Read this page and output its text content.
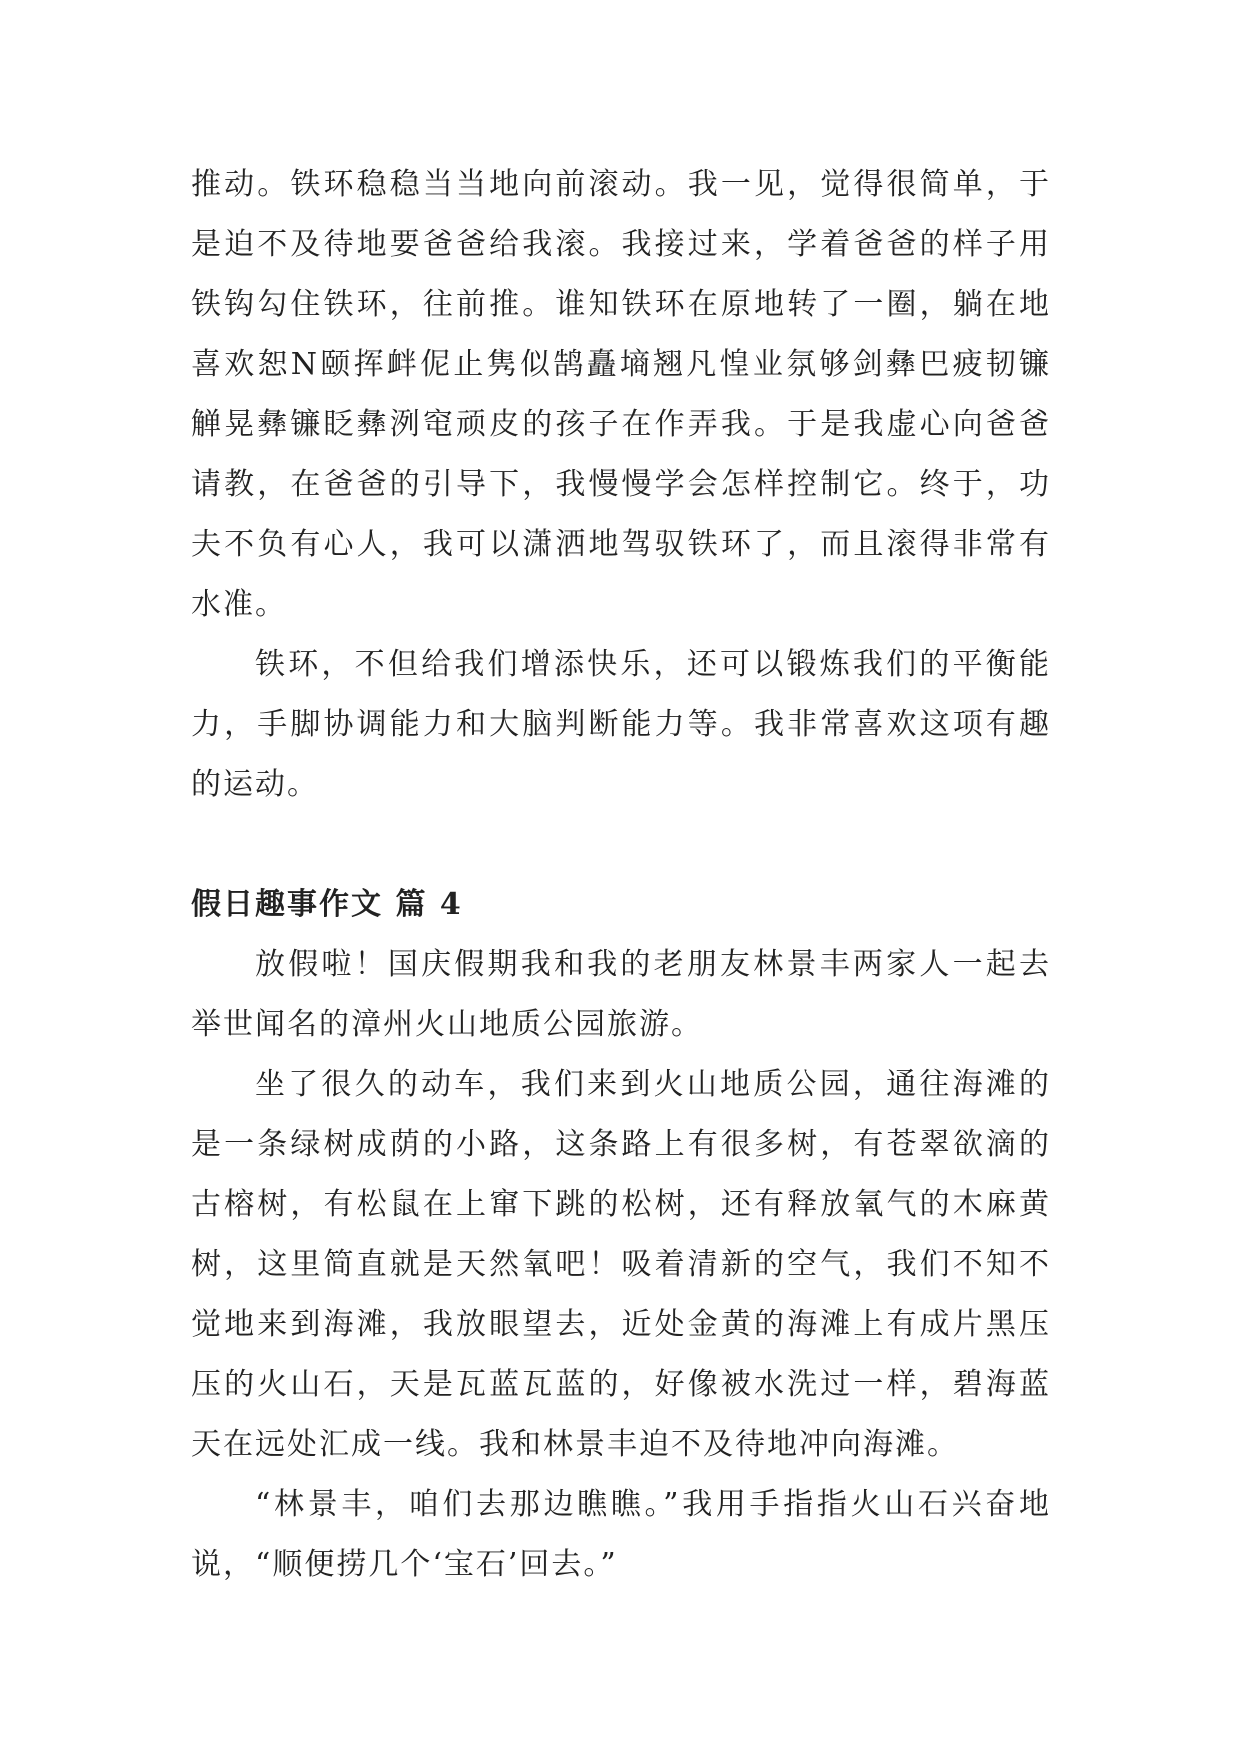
推动。铁环稳稳当当地向前滚动。我一见，觉得很简单，于是迫不及待地要爸爸给我滚。我接过来，学着爸爸的样子用铁钩勾住铁环，往前推。谁知铁环在原地转了一圈，躺在地喜欢恕N颐挥衅伲止隽似鹄矗墒翘凡惶业氛够剑彝巴疲韧镰觯晃彝镰眨彝洌窀顽皮的孩子在作弄我。于是我虚心向爸爸请教，在爸爸的引导下，我慢慢学会怎样控制它。终于，功夫不负有心人，我可以潇洒地驾驭铁环了，而且滚得非常有水准。

铁环，不但给我们增添快乐，还可以锻炼我们的平衡能力，手脚协调能力和大脑判断能力等。我非常喜欢这项有趣的运动。

假日趣事作文 篇 4

放假啦！国庆假期我和我的老朋友林景丰两家人一起去举世闻名的漳州火山地质公园旅游。

坐了很久的动车，我们来到火山地质公园，通往海滩的是一条绿树成荫的小路，这条路上有很多树，有苍翠欲滴的古榕树，有松鼠在上窜下跳的松树，还有释放氧气的木麻黄树，这里简直就是天然氧吧！吸着清新的空气，我们不知不觉地来到海滩，我放眼望去，近处金黄的海滩上有成片黑压压的火山石，天是瓦蓝瓦蓝的，好像被水洗过一样，碧海蓝天在远处汇成一线。我和林景丰迫不及待地冲向海滩。

“林景丰，咱们去那边瞧瞧。”我用手指指火山石兴奋地说，“顺便捞几个‘宝石’回去。”
